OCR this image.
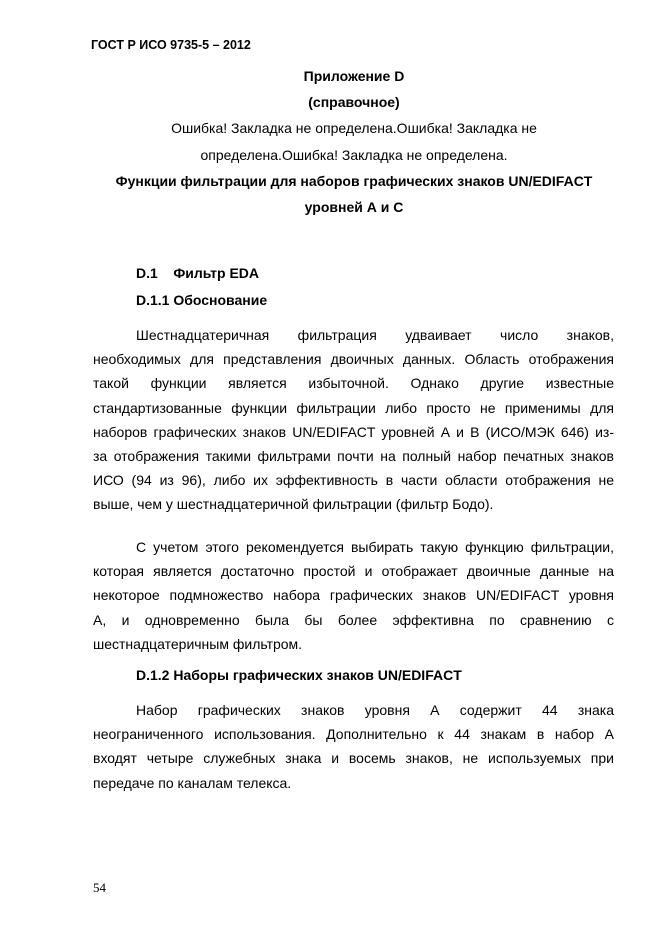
ГОСТ Р ИСО 9735-5 – 2012
Приложение D
(справочное)
Ошибка! Закладка не определена.Ошибка! Закладка не
определена.Ошибка! Закладка не определена.
Функции фильтрации для наборов графических знаков UN/EDIFACT
уровней А и С
D.1    Фильтр EDA
D.1.1 Обоснование
Шестнадцатеричная фильтрация удваивает число знаков,
необходимых для представления двоичных данных. Область отображения
такой функции является избыточной. Однако другие известные
стандартизованные функции фильтрации либо просто не применимы для
наборов графических знаков UN/EDIFACT уровней А и В (ИСО/МЭК 646) из-
за отображения такими фильтрами почти на полный набор печатных знаков
ИСО (94 из 96), либо их эффективность в части области отображения не
выше, чем у шестнадцатеричной фильтрации (фильтр Бодо).
С учетом этого рекомендуется выбирать такую функцию фильтрации,
которая является достаточно простой и отображает двоичные данные на
некоторое подмножество набора графических знаков UN/EDIFACT уровня
А, и одновременно была бы более эффективна по сравнению с
шестнадцатеричным фильтром.
D.1.2 Наборы графических знаков UN/EDIFACT
Набор графических знаков уровня А содержит 44 знака
неограниченного использования. Дополнительно к 44 знакам в набор А
входят четыре служебных знака и восемь знаков, не используемых при
передаче по каналам телекса.
54
